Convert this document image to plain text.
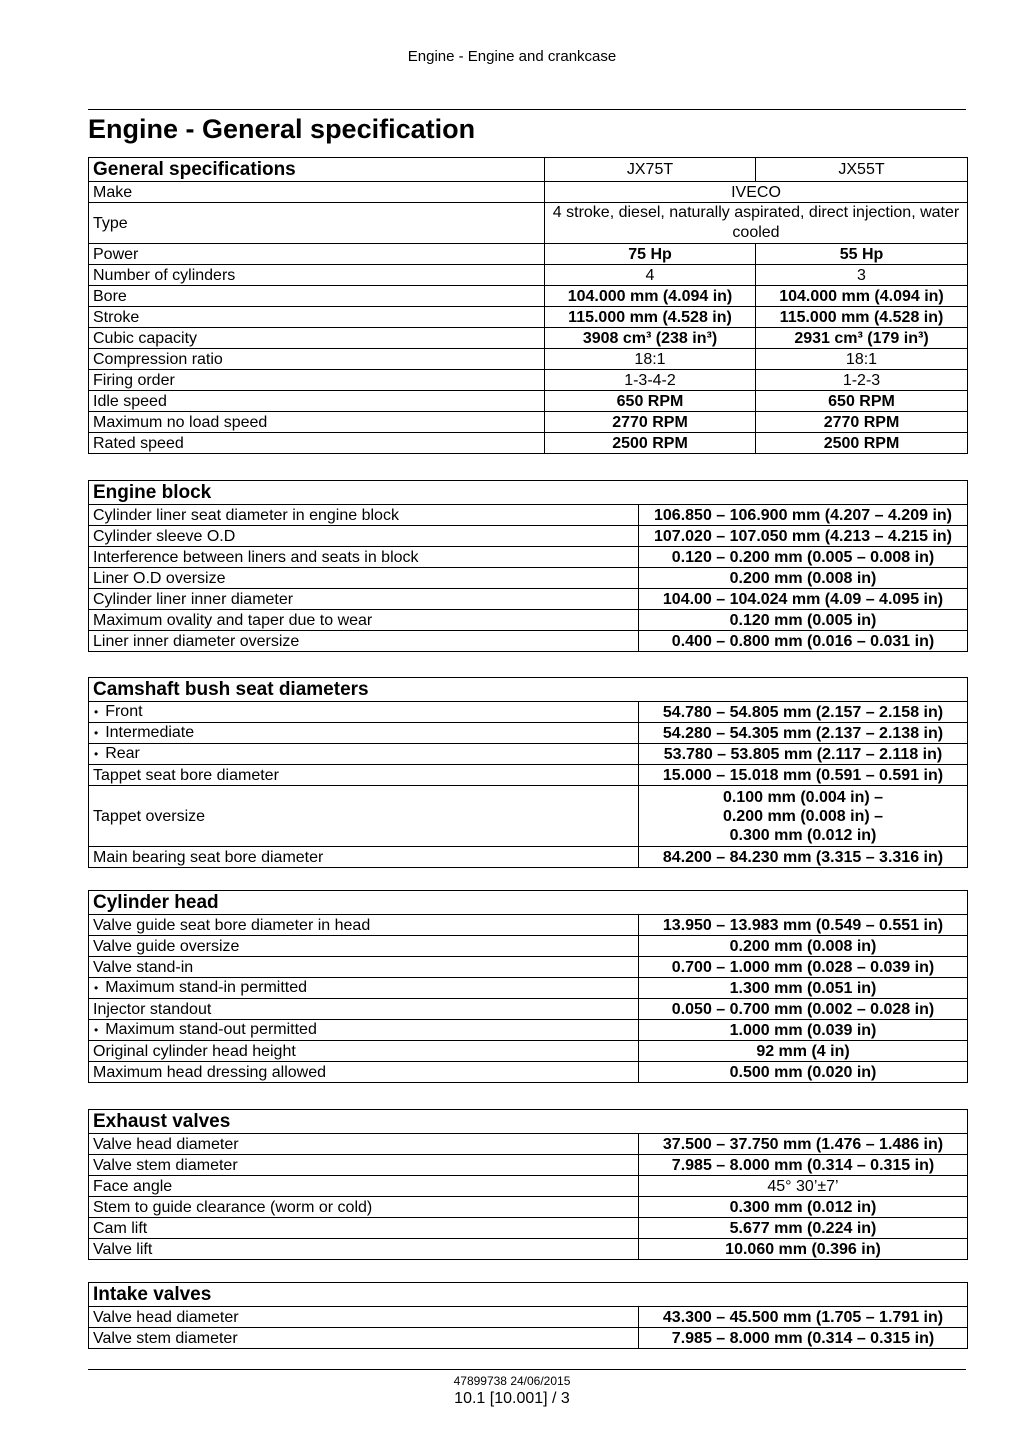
Engine - Engine and crankcase
Engine - General specification
General specifications	JX75T	JX55T
Make	IVECO	
Type	4 stroke, diesel, naturally aspirated, direct injection, water cooled	
Power	75 Hp	55 Hp
Number of cylinders	4	3
Bore	104.000 mm (4.094 in)	104.000 mm (4.094 in)
Stroke	115.000 mm (4.528 in)	115.000 mm (4.528 in)
Cubic capacity	3908 cm³ (238 in³)	2931 cm³ (179 in³)
Compression ratio	18:1	18:1
Firing order	1-3-4-2	1-2-3
Idle speed	650 RPM	650 RPM
Maximum no load speed	2770 RPM	2770 RPM
Rated speed	2500 RPM	2500 RPM
Engine block	
Cylinder liner seat diameter in engine block	106.850 – 106.900 mm (4.207 – 4.209 in)
Cylinder sleeve O.D	107.020 – 107.050 mm (4.213 – 4.215 in)
Interference between liners and seats in block	0.120 – 0.200 mm (0.005 – 0.008 in)
Liner O.D oversize	0.200 mm (0.008 in)
Cylinder liner inner diameter	104.00 – 104.024 mm (4.09 – 4.095 in)
Maximum ovality and taper due to wear	0.120 mm (0.005 in)
Liner inner diameter oversize	0.400 – 0.800 mm (0.016 – 0.031 in)
Camshaft bush seat diameters	
• Front	54.780 – 54.805 mm (2.157 – 2.158 in)
• Intermediate	54.280 – 54.305 mm (2.137 – 2.138 in)
• Rear	53.780 – 53.805 mm (2.117 – 2.118 in)
Tappet seat bore diameter	15.000 – 15.018 mm (0.591 – 0.591 in)
Tappet oversize	0.100 mm (0.004 in) –
0.200 mm (0.008 in) –
0.300 mm (0.012 in)

Main bearing seat bore diameter	84.200 – 84.230 mm (3.315 – 3.316 in)
Cylinder head	
Valve guide seat bore diameter in head	13.950 – 13.983 mm (0.549 – 0.551 in)
Valve guide oversize	0.200 mm (0.008 in)
Valve stand-in	0.700 – 1.000 mm (0.028 – 0.039 in)
• Maximum stand-in permitted	1.300 mm (0.051 in)
Injector standout	0.050 – 0.700 mm (0.002 – 0.028 in)
• Maximum stand-out permitted	1.000 mm (0.039 in)
Original cylinder head height	92 mm (4 in)
Maximum head dressing allowed	0.500 mm (0.020 in)
Exhaust valves	
Valve head diameter	37.500 – 37.750 mm (1.476 – 1.486 in)
Valve stem diameter	7.985 – 8.000 mm (0.314 – 0.315 in)
Face angle	45° 30’±7’
Stem to guide clearance (worm or cold)	0.300 mm (0.012 in)
Cam lift	5.677 mm (0.224 in)
Valve lift	10.060 mm (0.396 in)
Intake valves	
Valve head diameter	43.300 – 45.500 mm (1.705 – 1.791 in)
Valve stem diameter	7.985 – 8.000 mm (0.314 – 0.315 in)
47899738 24/06/2015
10.1 [10.001] / 3
